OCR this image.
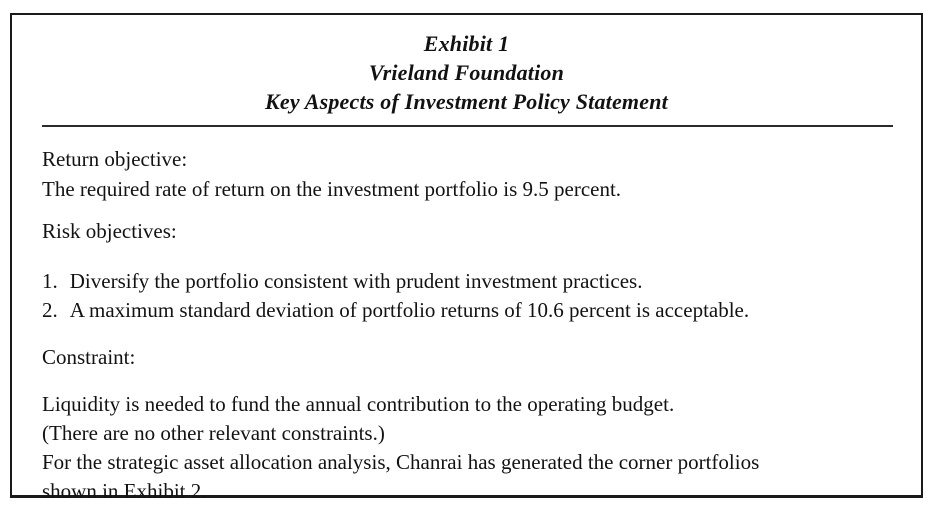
Exhibit 1
Vrieland Foundation
Key Aspects of Investment Policy Statement
Return objective:
The required rate of return on the investment portfolio is 9.5 percent.
Risk objectives:
1. Diversify the portfolio consistent with prudent investment practices.
2. A maximum standard deviation of portfolio returns of 10.6 percent is acceptable.
Constraint:
Liquidity is needed to fund the annual contribution to the operating budget.
(There are no other relevant constraints.)
For the strategic asset allocation analysis, Chanrai has generated the corner portfolios
shown in Exhibit 2.
